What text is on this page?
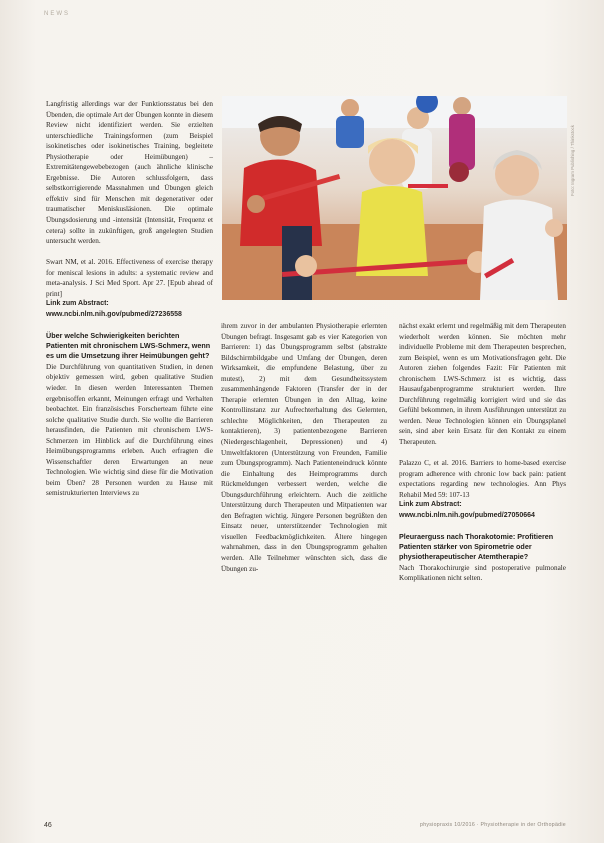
NEWS
Foto: Ingram Publishing / Thinkstock

Langfristig allerdings war der Funktionsstatus bei den Übenden, die optimale Art der Übungen konnte in diesem Review nicht identifiziert werden. Sie erzielten unterschiedliche Trainingsformen (zum Beispiel isokinetisches oder isokinetisches Training, begleitete Physiotherapie oder Heimübungen) – Extremitätengewebebezogen (auch ähnliche klinische Ergebnisse. Die Autoren schlussfolgern, dass selbstkorrigierende Massnahmen und Übungen gleich effektiv sind für Menschen mit degenerativer oder traumatischer Meniskusläsionen. Die optimale Übungsdosierung und -intensität (Intensität, Frequenz et cetera) sollte in zukünftigen, groß angelegten Studien untersucht werden.

Swart NM, et al. 2016. Effectiveness of exercise therapy for meniscal lesions in adults: a systematic review and meta-analysis. J Sci Med Sport. Apr 27. [Epub ahead of print]

Link zum Abstract: www.ncbi.nlm.nih.gov/pubmed/27236558

Über welche Schwierigkeiten berichten Patienten mit chronischem LWS-Schmerz, wenn es um die Umsetzung ihrer Heimübungen geht?

Die Durchführung von quantitativen Studien, in denen objektiv gemessen wird, geben qualitative Studien wieder. In diesen werden Interessanten Themen ergebnisoffen erkannt, Meinungen erfragt und Verhalten beobachtet. Ein französisches Forscherteam führte eine solche qualitative Studie durch. Sie wollte die Barrieren herausfinden, die Patienten mit chronischem LWS-Schmerzen im Hinblick auf die Durchführung eines Heimübungsprogramms erleben. Auch erfragten die Wissenschaftler deren Erwartungen an neue Technologien. Wie wichtig sind diese für die Motivation beim Üben? 28 Personen wurden zu Hause mit semistrukturierten Interviews zu

ihrem zuvor in der ambulanten Physiotherapie erlernten Übungen befragt. Insgesamt gab es vier Kategorien von Barrieren: 1) das Übungsprogramm selbst (abstrakte Bildschirmbildgabe und Umfang der Übungen, deren Wirksamkeit, die empfundene Belastung, über zu mutest), 2) mit dem Gesundheitssystem zusammenhängende Faktoren (Transfer der in der Therapie erlernten Übungen in den Alltag, keine Kontrollinstanz zur Aufrechterhaltung des Gelernten, schlechte Möglichkeiten, den Therapeuten zu kontaktieren), 3) patientenbezogene Barrieren (Niedergeschlagenheit, Depressionen) und 4) Umweltfaktoren (Unterstützung von Freunden, Familie zum Übungsprogramm). Nach Patienteneindruck könnte die Einhaltung des Heimprogramms durch Rückmeldungen verbessert werden, welche die Übungsdurchführung erleichtern. Auch die zeitliche Unterstützung durch Therapeuten und Mitpatienten war den Befragten wichtig. Jüngere Personen begrüßten den Einsatz neuer, unterstützender Technologien mit visuellen Feedbackmöglichkeiten. Ältere hingegen wahrnahmen, dass in den Übungsprogramm gehalten werden. Alle Teilnehmer wünschten sich, dass die Übungen zu-

nächst exakt erlernt und regelmäßig mit dem Therapeuten wiederholt werden können. Sie möchten mehr individuelle Probleme mit dem Therapeuten besprechen, zum Beispiel, wenn es um Motivationsfragen geht. Die Autoren ziehen folgendes Fazit: Für Patienten mit chronischem LWS-Schmerz ist es wichtig, dass Hausaufgabenprogramme strukturiert werden. Ihre Durchführung regelmäßig korrigiert wird und sie das Gefühl bekommen, in ihrem Ausführungen unterstützt zu werden. Neue Technologien können ein Übungsplanel sein, sind aber kein Ersatz für den Kontakt zu einem Therapeuten.

Palazzo C, et al. 2016. Barriers to home-based exercise program adherence with chronic low back pain: patient expectations regarding new technologies. Ann Phys Rehabil Med 59: 107-13

Link zum Abstract: www.ncbi.nlm.nih.gov/pubmed/27050664

Pleuraerguss nach Thorakotomie: Profitieren Patienten stärker von Spirometrie oder physiotherapeutischer Atemtherapie?

Nach Thorakochirurgie sind postoperative pulmonale Komplikationen nicht selten.

46	physiopraxis 10/2016 · Physiotherapie in der Orthopädie
